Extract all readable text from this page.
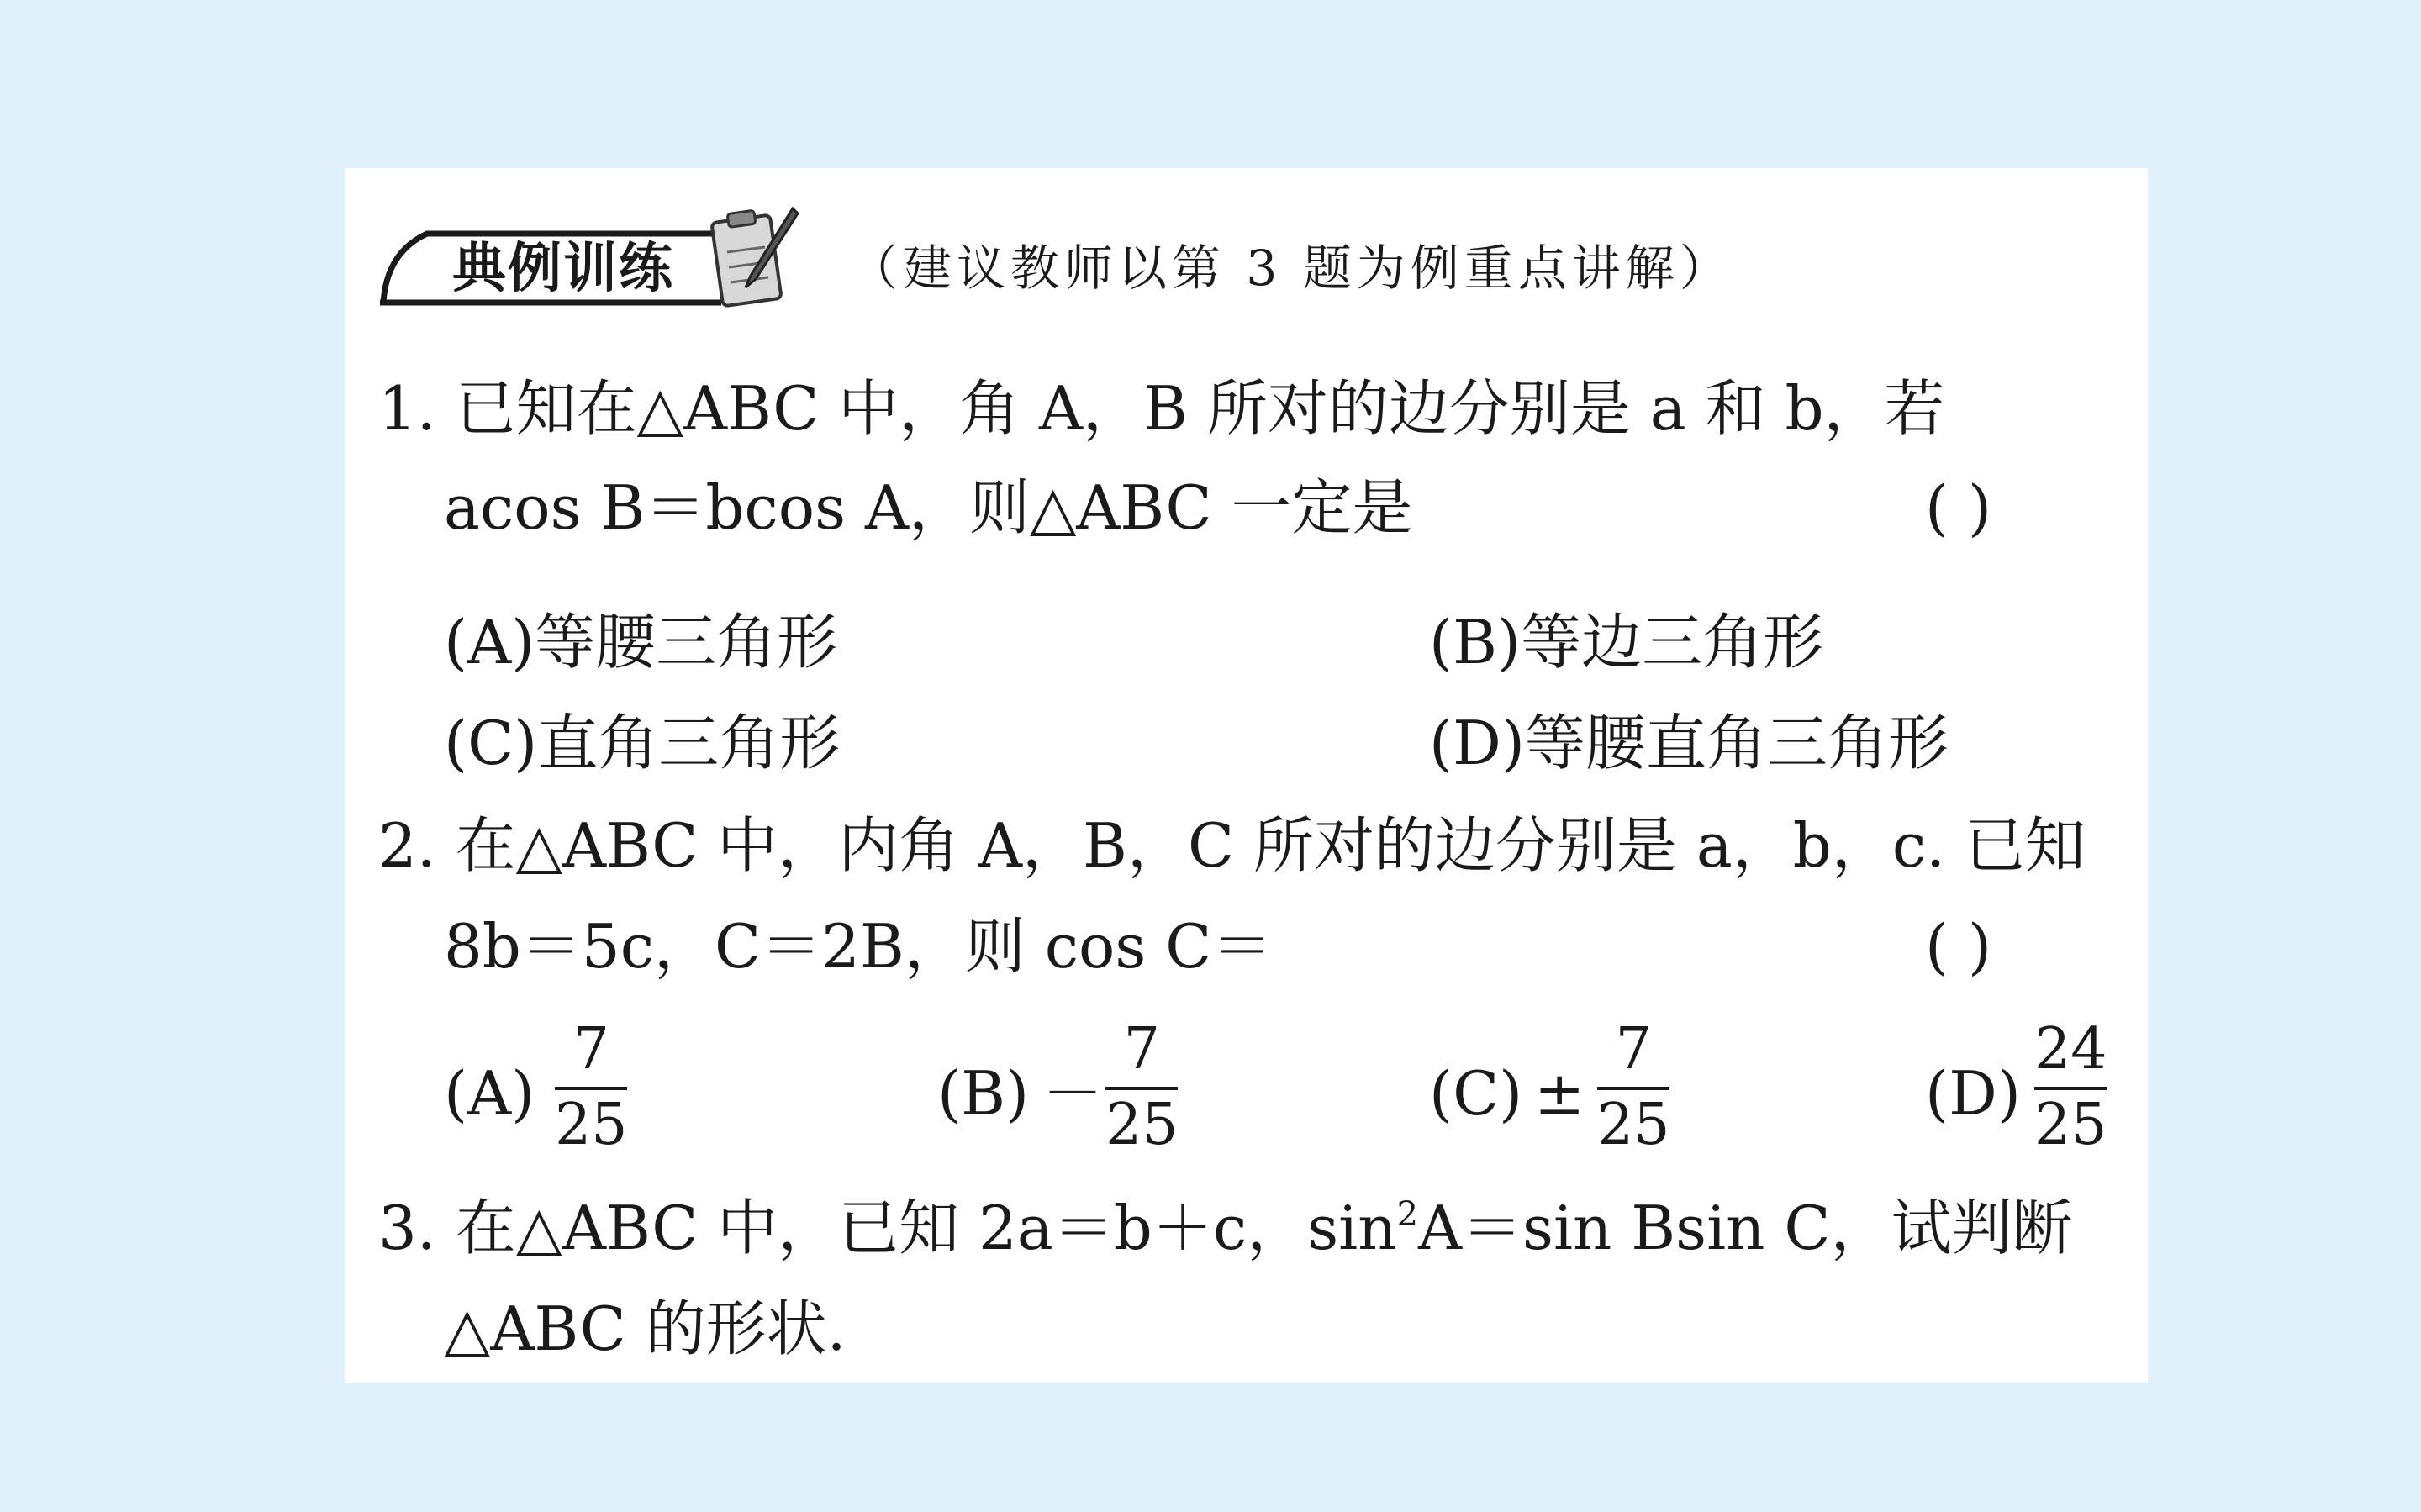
典例训练	（建议教师以第 3 题为例重点讲解）
1. 已知在△ABC 中，角 A，B 所对的边分别是 a 和 b，若
acos B＝bcos A，则△ABC 一定是	( )
(A)等腰三角形	(B)等边三角形
(C)直角三角形	(D)等腰直角三角形
2. 在△ABC 中，内角 A，B，C 所对的边分别是 a，b，c. 已知
8b＝5c，C＝2B，则 cos C＝	( )
(A)
7
25	(B) －
7
25	(C) ±
7
25	(D)
24
25
3. 在△ABC 中，已知 2a＝b＋c，$\sin^2A=\sin$ Bsin C，试判断
△ABC 的形状.
